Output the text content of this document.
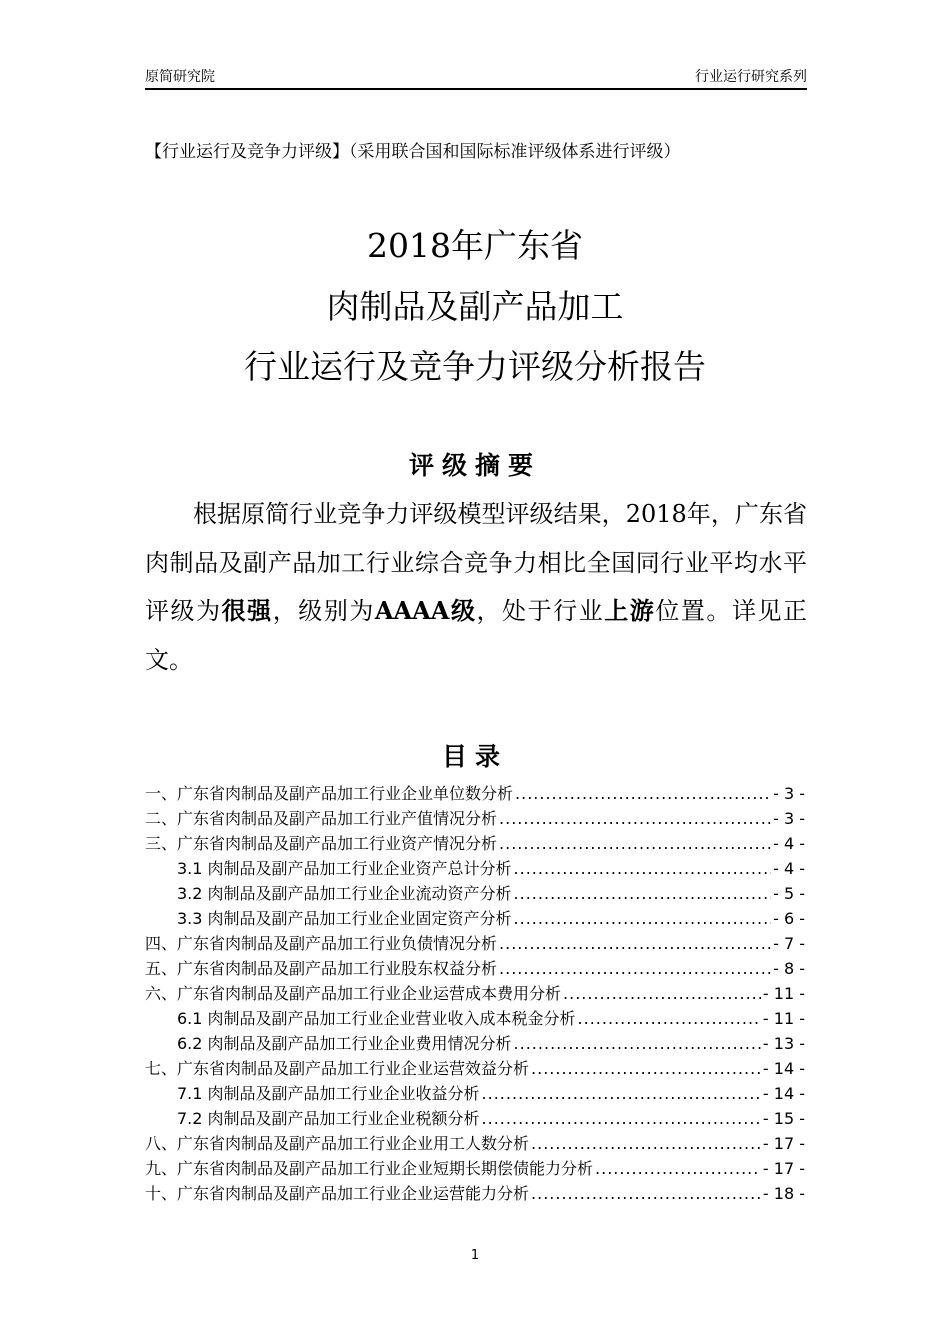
原简研究院	行业运行研究系列
【行业运行及竞争力评级】（采用联合国和国际标准评级体系进行评级）
2018年广东省
肉制品及副产品加工
行业运行及竞争力评级分析报告
评级摘要
根据原简行业竞争力评级模型评级结果，2018年，广东省肉制品及副产品加工行业综合竞争力相比全国同行业平均水平评级为很强，级别为AAAA级，处于行业上游位置。详见正文。
目录
一、广东省肉制品及副产品加工行业企业单位数分析 .....	- 3 -
二、广东省肉制品及副产品加工行业产值情况分析 .....	- 3 -
三、广东省肉制品及副产品加工行业资产情况分析 .....	- 4 -
3.1 肉制品及副产品加工行业企业资产总计分析 .....	- 4 -
3.2 肉制品及副产品加工行业企业流动资产分析 .....	- 5 -
3.3 肉制品及副产品加工行业企业固定资产分析 .....	- 6 -
四、广东省肉制品及副产品加工行业负债情况分析 .....	- 7 -
五、广东省肉制品及副产品加工行业股东权益分析 .....	- 8 -
六、广东省肉制品及副产品加工行业企业运营成本费用分析 .....	- 11 -
6.1 肉制品及副产品加工行业企业营业收入成本税金分析 .....	- 11 -
6.2 肉制品及副产品加工行业企业费用情况分析 .....	- 13 -
七、广东省肉制品及副产品加工行业企业运营效益分析 .....	- 14 -
7.1 肉制品及副产品加工行业企业收益分析 .....	- 14 -
7.2 肉制品及副产品加工行业企业税额分析 .....	- 15 -
八、广东省肉制品及副产品加工行业企业用工人数分析 .....	- 17 -
九、广东省肉制品及副产品加工行业企业短期长期偿债能力分析 .....	- 17 -
十、广东省肉制品及副产品加工行业企业运营能力分析 .....	- 18 -
1
